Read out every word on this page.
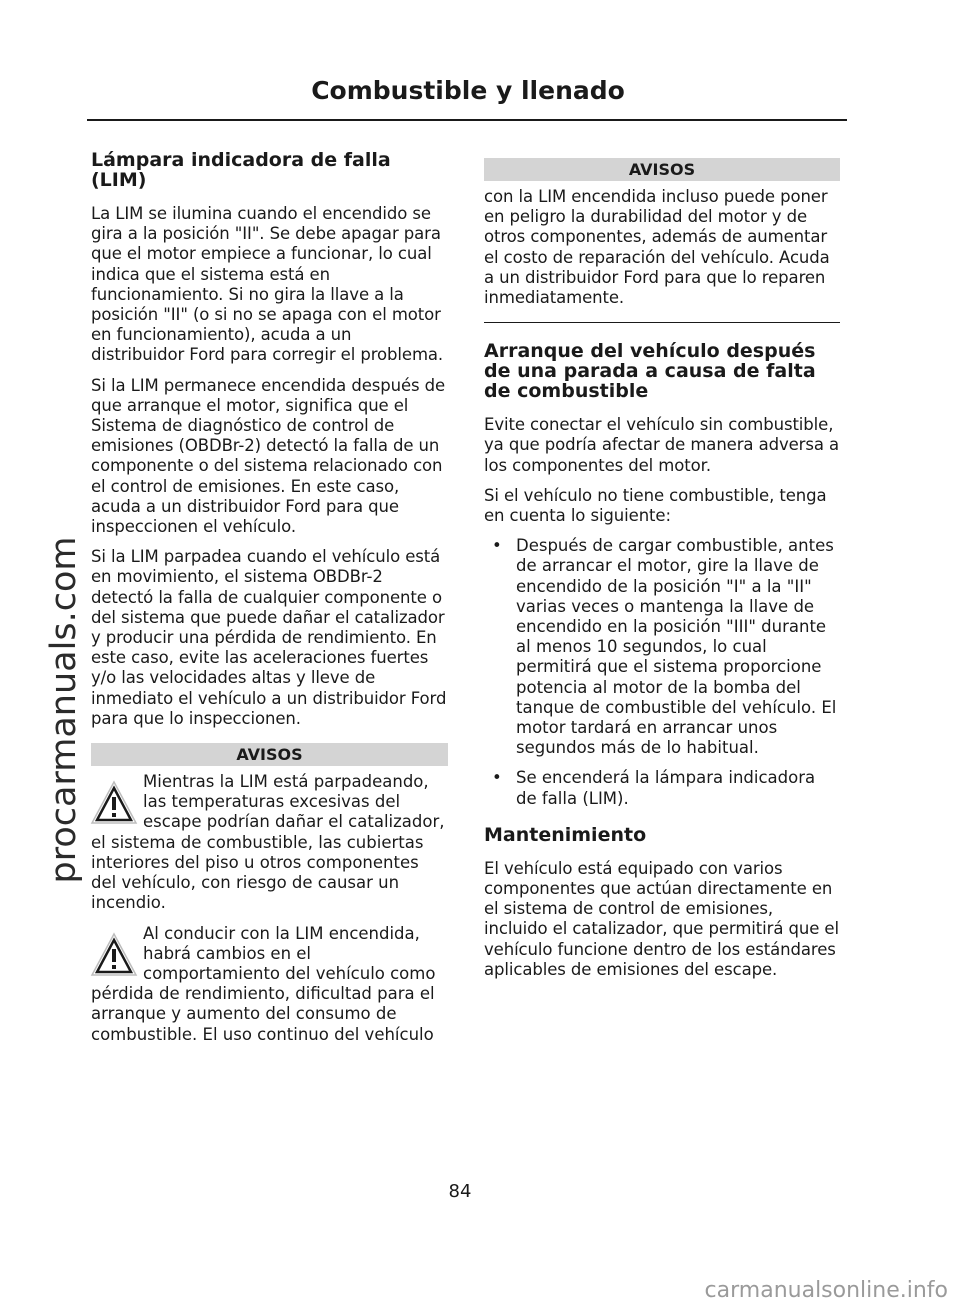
Combustible y llenado
procarmanuals.com
Lámpara indicadora de falla (LIM)

La LIM se ilumina cuando el encendido se gira a la posición "II". Se debe apagar para que el motor empiece a funcionar, lo cual indica que el sistema está en funcionamiento. Si no gira la llave a la posición "II" (o si no se apaga con el motor en funcionamiento), acuda a un distribuidor Ford para corregir el problema.

Si la LIM permanece encendida después de que arranque el motor, significa que el Sistema de diagnóstico de control de emisiones (OBDBr-2) detectó la falla de un componente o del sistema relacionado con el control de emisiones. En este caso, acuda a un distribuidor Ford para que inspeccionen el vehículo.

Si la LIM parpadea cuando el vehículo está en movimiento, el sistema OBDBr-2 detectó la falla de cualquier componente o del sistema que puede dañar el catalizador y producir una pérdida de rendimiento. En este caso, evite las aceleraciones fuertes y/o las velocidades altas y lleve de inmediato el vehículo a un distribuidor Ford para que lo inspeccionen.

AVISOS
Mientras la LIM está parpadeando, las temperaturas excesivas del escape podrían dañar el catalizador, el sistema de combustible, las cubiertas interiores del piso u otros componentes del vehículo, con riesgo de causar un incendio.
Al conducir con la LIM encendida, habrá cambios en el comportamiento del vehículo como pérdida de rendimiento, dificultad para el arranque y aumento del consumo de combustible. El uso continuo del vehículo
AVISOS

con la LIM encendida incluso puede poner en peligro la durabilidad del motor y de otros componentes, además de aumentar el costo de reparación del vehículo. Acuda a un distribuidor Ford para que lo reparen inmediatamente.

Arranque del vehículo después de una parada a causa de falta de combustible

Evite conectar el vehículo sin combustible, ya que podría afectar de manera adversa a los componentes del motor.

Si el vehículo no tiene combustible, tenga en cuenta lo siguiente:

• Después de cargar combustible, antes de arrancar el motor, gire la llave de encendido de la posición "I" a la "II" varias veces o mantenga la llave de encendido en la posición "III" durante al menos 10 segundos, lo cual permitirá que el sistema proporcione potencia al motor de la bomba del tanque de combustible del vehículo. El motor tardará en arrancar unos segundos más de lo habitual.
• Se encenderá la lámpara indicadora de falla (LIM).
Mantenimiento

El vehículo está equipado con varios componentes que actúan directamente en el sistema de control de emisiones, incluido el catalizador, que permitirá que el vehículo funcione dentro de los estándares aplicables de emisiones del escape.

84
carmanualsonline.info
